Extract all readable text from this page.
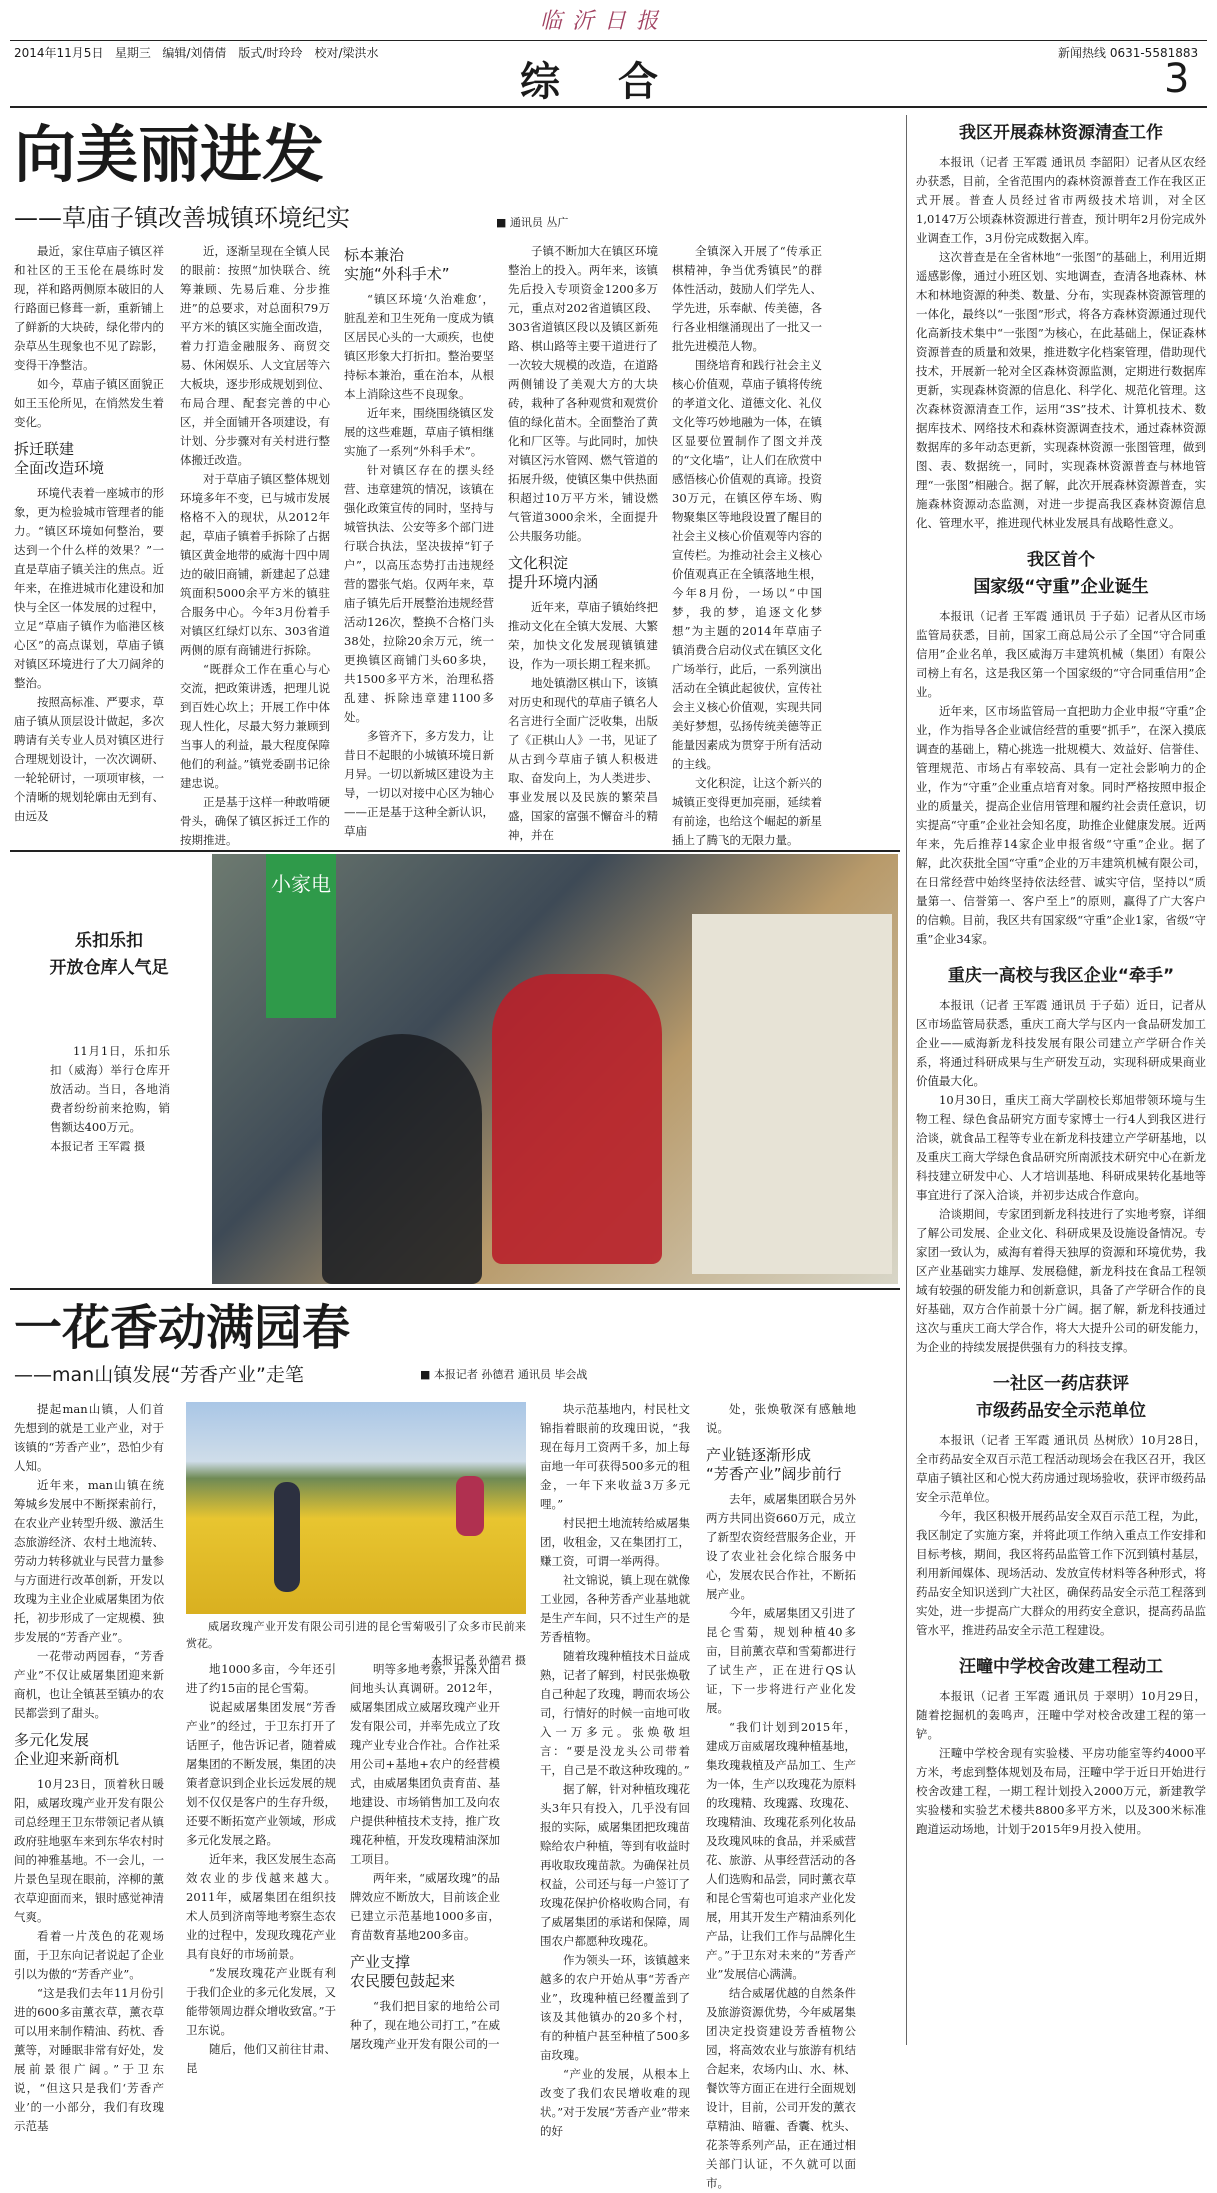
临沂日报
2014年11月5日 星期三 编辑/刘倩倩　版式/时玲玲　校对/梁洪水	新闻热线 0631-5581883
综合	3
向美丽进发
——草庙子镇改善城镇环境纪实	■ 通讯员 丛广

最近，家住草庙子镇区祥和社区的王玉伦在晨练时发现，祥和路两侧原本破旧的人行路面已修葺一新，重新铺上了鲜新的大块砖，绿化带内的杂草丛生现象也不见了踪影，变得干净整洁。

如今，草庙子镇区面貌正如王玉伦所见，在悄然发生着变化。

拆迁联建
全面改造环境

环境代表着一座城市的形象，更为检验城市管理者的能力。“镇区环境如何整治，要达到一个什么样的效果？”一直是草庙子镇关注的焦点。近年来，在推进城市化建设和加快与全区一体发展的过程中，立足“草庙子镇作为临港区核心区”的高点谋划，草庙子镇对镇区环境进行了大刀阔斧的整治。

按照高标准、严要求，草庙子镇从顶层设计做起，多次聘请有关专业人员对镇区进行合理规划设计，一次次调研、一轮轮研讨，一项项审核，一个清晰的规划轮廓由无到有、由远及

近，逐渐呈现在全镇人民的眼前：按照“加快联合、统筹兼顾、先易后难、分步推进”的总要求，对总面积79万平方米的镇区实施全面改造，着力打造金融服务、商贸交易、休闲娱乐、人文宜居等六大板块，逐步形成规划到位、布局合理、配套完善的中心区，并全面铺开各项建设，有计划、分步骤对有关村进行整体搬迁改造。

对于草庙子镇区整体规划环境多年不变，已与城市发展格格不入的现状，从2012年起，草庙子镇着手拆除了占据镇区黄金地带的威海十四中周边的破旧商铺，新建起了总建筑面积5000余平方米的镇驻合服务中心。今年3月份着手对镇区红绿灯以东、303省道两侧的原有商铺进行拆除。

“既群众工作在重心与心交流，把政策讲透，把理儿说到百姓心坎上；开展工作中体现人性化，尽最大努力兼顾到当事人的利益，最大程度保障他们的利益。”镇党委副书记徐建忠说。

正是基于这样一种敢啃硬骨头，确保了镇区拆迁工作的按期推进。

标本兼治
实施“外科手术”

“镇区环境‘久治难愈’，脏乱差和卫生死角一度成为镇区居民心头的一大顽疾，也使镇区形象大打折扣。整治要坚持标本兼治，重在治本，从根本上消除这些不良现象。

近年来，围绕围绕镇区发展的这些难题，草庙子镇相继实施了一系列“外科手术”。

针对镇区存在的摆头经营、违章建筑的情况，该镇在强化政策宣传的同时，坚持与城管执法、公安等多个部门进行联合执法，坚决拔掉“钉子户”，以高压态势打击违规经营的嚣张气焰。仅两年来，草庙子镇先后开展整治违规经营活动126次，整换不合格门头38处，拉除20余万元，统一更换镇区商铺门头60多块，共1500多平方米，治理私搭乱建、拆除违章建1100多处。

多管齐下，多方发力，让昔日不起眼的小城镇环境日新月异。一切以新城区建设为主导，一切以对接中心区为轴心——正是基于这种全新认识，草庙

子镇不断加大在镇区环境整治上的投入。两年来，该镇先后投入专项资金1200多万元，重点对202省道镇区段、303省道镇区段以及镇区新苑路、棋山路等主要干道进行了一次较大规模的改造，在道路两侧铺设了美观大方的大块砖，栽种了各种观赏和观赏价值的绿化苗木。全面整治了黄化和厂区等。与此同时，加快对镇区污水管网、燃气管道的拓展升级，使镇区集中供热面积超过10万平方米，铺设燃气管道3000余米，全面提升公共服务功能。

文化积淀
提升环境内涵

近年来，草庙子镇始终把推动文化在全镇大发展、大繁荣，加快文化发展现镇镇建设，作为一项长期工程来抓。

地处镇渤区棋山下，该镇对历史和现代的草庙子镇名人名言进行全面广泛收集，出版了《正棋山人》一书，见证了从古到今草庙子镇人积极进取、奋发向上，为人类进步、事业发展以及民族的繁荣昌盛，国家的富强不懈奋斗的精神，并在

全镇深入开展了“传承正棋精神，争当优秀镇民”的群体性活动，鼓励人们学先人、学先进，乐奉献、传美德，各行各业相继涌现出了一批又一批先进模范人物。

围绕培育和践行社会主义核心价值观，草庙子镇将传统的孝道文化、道德文化、礼仪文化等巧妙地融为一体，在镇区显要位置制作了图文并茂的“文化墙”，让人们在欣赏中感悟核心价值观的真谛。投资30万元，在镇区停车场、购物聚集区等地段设置了醒目的社会主义核心价值观等内容的宣传栏。为推动社会主义核心价值观真正在全镇落地生根，今年8月份，一场以“中国梦，我的梦，追逐文化梦想”为主题的2014年草庙子镇消费合启动仪式在镇区文化广场举行，此后，一系列演出活动在全镇此起彼伏，宣传社会主义核心价值观，实现共同美好梦想，弘扬传统美德等正能量因素成为贯穿于所有活动的主线。

文化积淀，让这个新兴的城镇正变得更加亮丽，延续着有前途，也给这个崛起的新星插上了腾飞的无限力量。

乐扣乐扣
开放仓库人气足

11月1日，乐扣乐扣（威海）举行仓库开放活动。当日，各地消费者纷纷前来抢购，销售额达400万元。

本报记者 王军霞 摄
小家电
一花香动满园春
——man山镇发展“芳香产业”走笔	■ 本报记者 孙德君 通讯员 毕会战

提起man山镇，人们首先想到的就是工业产业，对于该镇的“芳香产业”，恐怕少有人知。

近年来，man山镇在统筹城乡发展中不断探索前行，在农业产业转型升级、激活生态旅游经济、农村土地流转、劳动力转移就业与民营力量参与方面进行改革创新，开发以玫瑰为主业企业威屠集团为依托，初步形成了一定规模、独步发展的“芳香产业”。

一花带动两园春，“芳香产业”不仅让威屠集团迎来新商机，也让全镇甚至镇办的农民都尝到了甜头。

多元化发展
企业迎来新商机

10月23日，顶着秋日暖阳，威屠玫瑰产业开发有限公司总经理王卫东带领记者从镇政府驻地驱车来到东华农村时间的神雅基地。不一会儿，一片景色呈现在眼前，淬柳的薰衣草迎面而来，银时感觉神清气爽。

看着一片茂色的花观场面，于卫东向记者说起了企业引以为傲的“芳香产业”。

“这是我们去年11月份引进的600多亩薰衣草，薰衣草可以用来制作精油、药枕、香薰等，对睡眠非常有好处，发展前景很广阔。”于卫东说，“但这只是我们‘芳香产业’的一小部分，我们有玫瑰示范基

威屠玫瑰产业开发有限公司引进的昆仑雪菊吸引了众多市民前来赏花。

本报记者 孙德君 摄

地1000多亩，今年还引进了约15亩的昆仑雪菊。

说起威屠集团发展“芳香产业”的经过，于卫东打开了话匣子，他告诉记者，随着威屠集团的不断发展，集团的决策者意识到企业长远发展的规划不仅仅是客户的生存升级，还要不断拓宽产业领域，形成多元化发展之路。

近年来，我区发展生态高效农业的步伐越来越大。2011年，威屠集团在组织技术人员到济南等地考察生态农业的过程中，发现玫瑰花产业具有良好的市场前景。

“发展玫瑰花产业既有利于我们企业的多元化发展，又能带领周边群众增收致富。”于卫东说。

随后，他们又前往甘肃、昆

明等多地考察，并深入田间地头认真调研。2012年，威屠集团成立威屠玫瑰产业开发有限公司，并率先成立了玫瑰产业专业合作社。合作社采用公司+基地+农户的经营模式，由威屠集团负责育苗、基地建设、市场销售加工及向农户提供种植技术支持，推广玫瑰花种植，开发玫瑰精油深加工项目。

两年来，“威屠玫瑰”的品牌效应不断放大，目前该企业已建立示范基地1000多亩，育苗数育基地200多亩。

产业支撑
农民腰包鼓起来

“我们把目家的地给公司种了，现在地公司打工，”在威屠玫瑰产业开发有限公司的一

块示范基地内，村民杜文锦指着眼前的玫瑰田说，“我现在每月工资两千多，加上每亩地一年可获得500多元的租金，一年下来收益3万多元哩。”

村民把土地流转给威屠集团，收租金，又在集团打工，赚工资，可谓一举两得。

社文锦说，镇上现在就像工业园，各种芳香产业基地就是生产车间，只不过生产的是芳香植物。

随着玫瑰种植技术日益成熟，记者了解到，村民张焕敬自己种起了玫瑰，聘而农场公司，行情好的时候一亩地可收入一万多元。张焕敬坦言：“要是没龙头公司带着干，自己是不敢这种玫瑰的。”

据了解，针对种植玫瑰花头3年只有投入，几乎没有回报的实际，威屠集团把玫瑰苗赊给农户种植，等到有收益时再收取玫瑰苗款。为确保社员权益，公司还与每一户签订了玫瑰花保护价格收购合同，有了威屠集团的承诺和保障，周围农户都愿种玫瑰花。

作为领头一环，该镇越来越多的农户开始从事“芳香产业”，玫瑰种植已经覆盖到了该及其他镇办的20多个村，有的种植户甚至种植了500多亩玫瑰。

“产业的发展，从根本上改变了我们农民增收难的现状。”对于发展“芳香产业”带来的好

处，张焕敬深有感触地说。

产业链逐渐形成
“芳香产业”阔步前行

去年，威屠集团联合另外两方共同出资660万元，成立了新型农资经营服务企业，开设了农业社会化综合服务中心，发展农民合作社，不断拓展产业。

今年，威屠集团又引进了昆仑雪菊，规划种植40多亩，目前薰衣草和雪菊都进行了试生产，正在进行QS认证，下一步将进行产业化发展。

“我们计划到2015年，建成万亩威屠玫瑰种植基地，集玫瑰栽植及产品加工、生产为一体，生产以玫瑰花为原料的玫瑰精、玫瑰露、玫瑰花、玫瑰精油、玫瑰花系列化妆品及玫瑰风味的食品，并采威营花、旅游、从事经营活动的各人们选购和品尝，同时薰衣草和昆仑雪菊也可追求产业化发展，用其开发生产精油系列化产品，让我们工作与品牌化生产。”于卫东对未来的“芳香产业”发展信心满满。

结合威屠优越的自然条件及旅游资源优势，今年威屠集团决定投资建设芳香植物公园，将高效农业与旅游有机结合起来，农场内山、水、林、餐饮等方面正在进行全面规划设计，目前，公司开发的薰衣草精油、暗霾、香囊、枕头、花茶等系列产品，正在通过相关部门认证，不久就可以面市。

我区开展森林资源清查工作

本报讯（记者 王军霞 通讯员 李韶阳）记者从区农经办获悉，目前，全省范围内的森林资源普查工作在我区正式开展。普查人员经过省市两级技术培训，对全区1,0147万公顷森林资源进行普查，预计明年2月份完成外业调查工作，3月份完成数据入库。

这次普查是在全省林地“一张图”的基础上，利用近期遥感影像，通过小班区划、实地调查，查清各地森林、林木和林地资源的种类、数量、分布，实现森林资源管理的一体化，最终以“一张图”形式，将各方森林资源通过现代化高新技术集中“一张图”为核心，在此基础上，保证森林资源普查的质量和效果，推进数字化档案管理，借助现代技术，开展新一轮对全区森林资源监测，定期进行数据库更新，实现森林资源的信息化、科学化、规范化管理。这次森林资源清查工作，运用“3S”技术、计算机技术、数据库技术、网络技术和森林资源调查技术，通过森林资源数据库的多年动态更新，实现森林资源一张图管理，做到图、表、数据统一，同时，实现森林资源普查与林地管理“一张图”相融合。据了解，此次开展森林资源普查，实施森林资源动态监测，对进一步提高我区森林资源信息化、管理水平，推进现代林业发展具有战略性意义。

我区首个
国家级“守重”企业诞生

本报讯（记者 王军霞 通讯员 于子茹）记者从区市场监管局获悉，目前，国家工商总局公示了全国“守合同重信用”企业名单，我区威海万丰建筑机械（集团）有限公司榜上有名，这是我区第一个国家级的“守合同重信用”企业。

近年来，区市场监管局一直把助力企业申报“守重”企业，作为指导各企业诚信经营的重要“抓手”，在深入摸底调查的基础上，精心挑选一批规模大、效益好、信誉佳、管理规范、市场占有率较高、具有一定社会影响力的企业，作为“守重”企业重点培育对象。同时严格按照申报企业的质量关，提高企业信用管理和履约社会责任意识，切实提高“守重”企业社会知名度，助推企业健康发展。近两年来，先后推荐14家企业申报省级“守重”企业。据了解，此次获批全国“守重”企业的万丰建筑机械有限公司，在日常经营中始终坚持依法经营、诚实守信，坚持以“质量第一、信誉第一、客户至上”的原则，赢得了广大客户的信赖。目前，我区共有国家级“守重”企业1家，省级“守重”企业34家。

重庆一高校与我区企业“牵手”

本报讯（记者 王军霞 通讯员 于子茹）近日，记者从区市场监管局获悉，重庆工商大学与区内一食品研发加工企业——威海新龙科技发展有限公司建立产学研合作关系，将通过科研成果与生产研发互动，实现科研成果商业价值最大化。

10月30日，重庆工商大学副校长郑旭带领环境与生物工程、绿色食品研究方面专家博士一行4人到我区进行洽谈，就食品工程等专业在新龙科技建立产学研基地，以及重庆工商大学绿色食品研究所南派技术研究中心在新龙科技建立研发中心、人才培训基地、科研成果转化基地等事宜进行了深入洽谈，并初步达成合作意向。

洽谈期间，专家团到新龙科技进行了实地考察，详细了解公司发展、企业文化、科研成果及设施设备情况。专家团一致认为，威海有着得天独厚的资源和环境优势，我区产业基础实力雄厚、发展稳健，新龙科技在食品工程领域有较强的研发能力和创新意识，具备了产学研合作的良好基础，双方合作前景十分广阔。据了解，新龙科技通过这次与重庆工商大学合作，将大大提升公司的研发能力，为企业的持续发展提供强有力的科技支撑。

一社区一药店获评
市级药品安全示范单位

本报讯（记者 王军霞 通讯员 丛树欣）10月28日，全市药品安全双百示范工程活动现场会在我区召开，我区草庙子镇社区和心悦大药房通过现场验收，获评市级药品安全示范单位。

今年，我区积极开展药品安全双百示范工程，为此，我区制定了实施方案，并将此项工作纳入重点工作安排和目标考核，期间，我区将药品监管工作下沉到镇村基层，利用新闻媒体、现场活动、发放宣传材料等各种形式，将药品安全知识送到广大社区，确保药品安全示范工程落到实处，进一步提高广大群众的用药安全意识，提高药品监管水平，推进药品安全示范工程建设。

汪疃中学校舍改建工程动工

本报讯（记者 王军霞 通讯员 于翠明）10月29日，随着挖掘机的轰鸣声，汪疃中学对校舍改建工程的第一铲。

汪疃中学校舍现有实验楼、平房功能室等约4000平方米，考虑到整体规划及布局，汪疃中学于近日开始进行校舍改建工程，一期工程计划投入2000万元，新建教学实验楼和实验艺术楼共8800多平方米，以及300米标准跑道运动场地，计划于2015年9月投入使用。
